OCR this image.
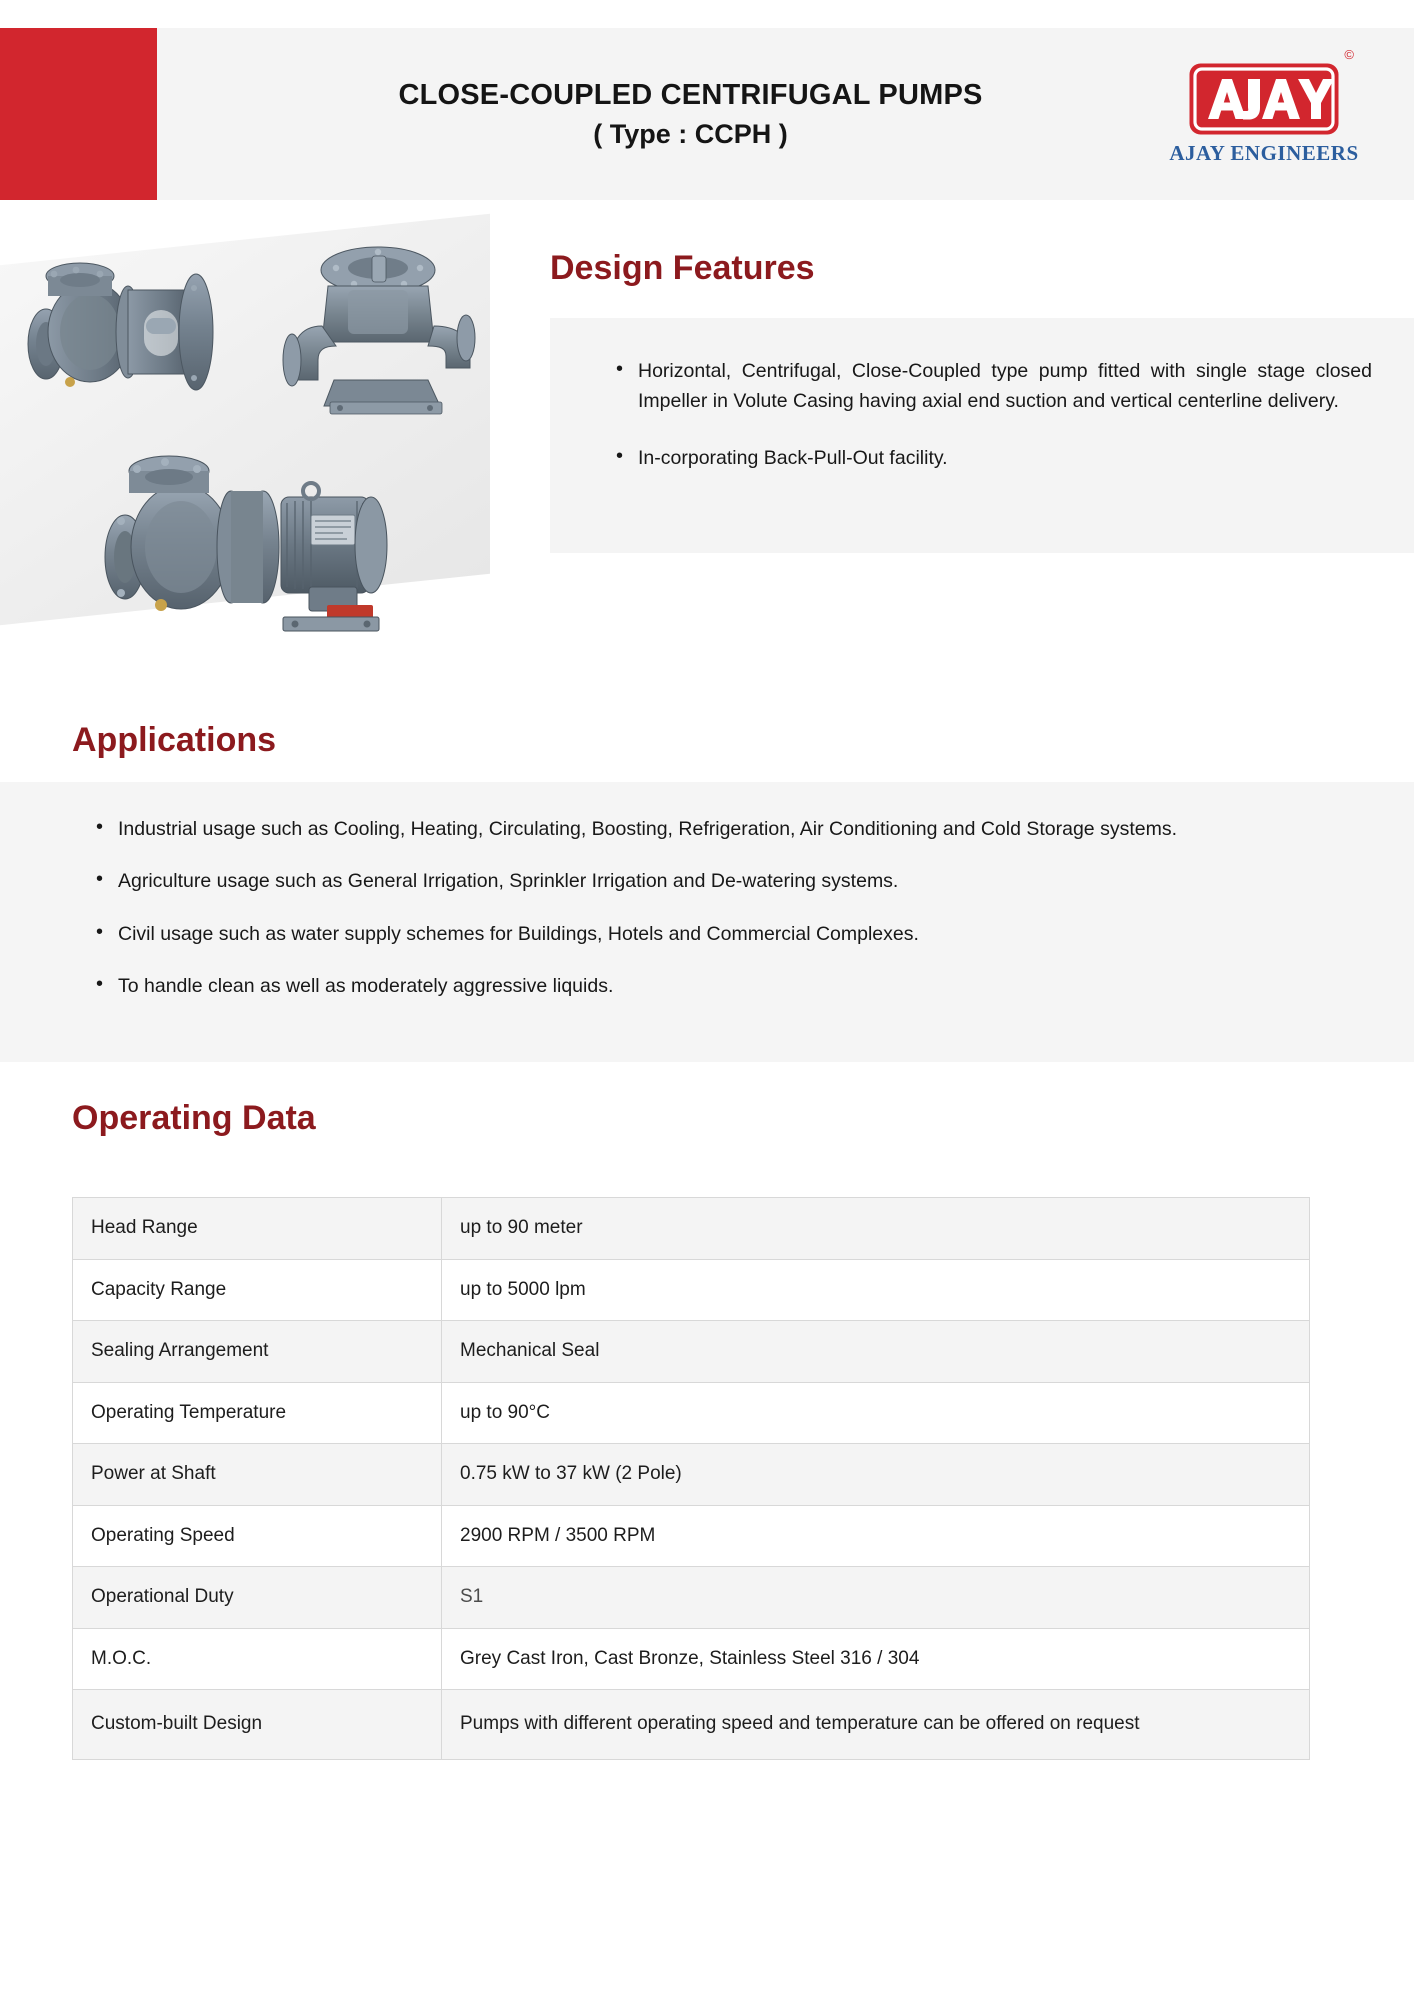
CLOSE-COUPLED CENTRIFUGAL PUMPS
( Type : CCPH )
©
AJAY ENGINEERS
Design Features
• Horizontal, Centrifugal, Close-Coupled type pump fitted with single stage closed Impeller in Volute Casing having axial end suction and vertical centerline delivery.
• In-corporating Back-Pull-Out facility.
Applications
• Industrial usage such as Cooling, Heating, Circulating, Boosting, Refrigeration, Air Conditioning and Cold Storage systems.
• Agriculture usage such as General Irrigation, Sprinkler Irrigation and De-watering systems.
• Civil usage such as water supply schemes for Buildings, Hotels and Commercial Complexes.
• To handle clean as well as moderately aggressive liquids.
Operating Data
Head Range	up to 90 meter
Capacity Range	up to 5000 lpm
Sealing Arrangement	Mechanical Seal
Operating Temperature	up to 90°C
Power at Shaft	0.75 kW to 37 kW (2 Pole)
Operating Speed	2900 RPM / 3500 RPM
Operational Duty	S1
M.O.C.	Grey Cast Iron, Cast Bronze, Stainless Steel 316 / 304
Custom-built Design	Pumps with different operating speed and temperature can be offered on request
